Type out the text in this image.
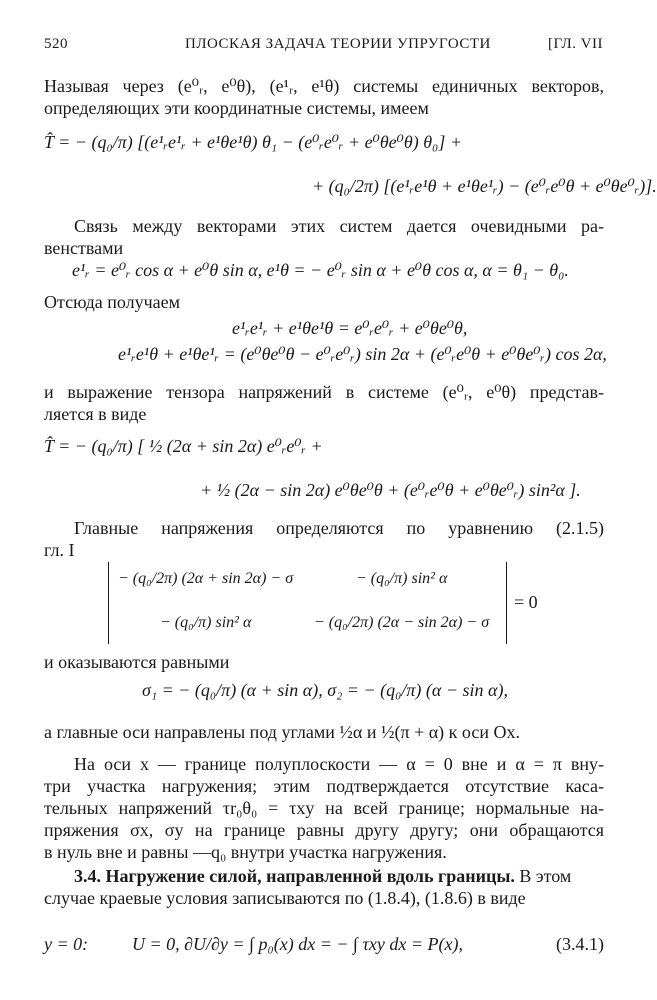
520	ПЛОСКАЯ ЗАДАЧА ТЕОРИИ УПРУГОСТИ	[ГЛ. VII
Называя через (e⁰ᵣ, e⁰θ), (e¹ᵣ, e¹θ) системы единичных векторов,
определяющих эти координатные системы, имеем
T̂ = − (q₀/π) [(e¹ᵣe¹ᵣ + e¹θe¹θ) θ₁ − (e⁰ᵣe⁰ᵣ + e⁰θe⁰θ) θ₀] +
+ (q₀/2π) [(e¹ᵣe¹θ + e¹θe¹ᵣ) − (e⁰ᵣe⁰θ + e⁰θe⁰ᵣ)].
Связь между векторами этих систем дается очевидными ра-
венствами
e¹ᵣ = e⁰ᵣ cos α + e⁰θ sin α, e¹θ = − e⁰ᵣ sin α + e⁰θ cos α, α = θ₁ − θ₀.
Отсюда получаем
e¹ᵣe¹ᵣ + e¹θe¹θ = e⁰ᵣe⁰ᵣ + e⁰θe⁰θ,
e¹ᵣe¹θ + e¹θe¹ᵣ = (e⁰θe⁰θ − e⁰ᵣe⁰ᵣ) sin 2α + (e⁰ᵣe⁰θ + e⁰θe⁰ᵣ) cos 2α,
и выражение тензора напряжений в системе (e⁰ᵣ, e⁰θ) представ-
ляется в виде
T̂ = − (q₀/π) [ ½ (2α + sin 2α) e⁰ᵣe⁰ᵣ +
+ ½ (2α − sin 2α) e⁰θe⁰θ + (e⁰ᵣe⁰θ + e⁰θe⁰ᵣ) sin²α ].
Главные напряжения определяются по уравнению (2.1.5)
гл. I
− (q₀/2π) (2α + sin 2α) − σ	− (q₀/π) sin² α
− (q₀/π) sin² α	− (q₀/2π) (2α − sin 2α) − σ
= 0
и оказываются равными
σ₁ = − (q₀/π) (α + sin α), σ₂ = − (q₀/π) (α − sin α),
а главные оси направлены под углами ½α и ½(π + α) к оси Ox.
На оси x — границе полуплоскости — α = 0 вне и α = π вну-
три участка нагружения; этим подтверждается отсутствие каса-
тельных напряжений τr₀θ₀ = τxy на всей границе; нормальные на-
пряжения σx, σy на границе равны другу другу; они обращаются
в нуль вне и равны —q₀ внутри участка нагружения.
3.4. Нагружение силой, направленной вдоль границы. В этом
случае краевые условия записываются по (1.8.4), (1.8.6) в виде
y = 0: U = 0, ∂U/∂y = ∫ p₀(x) dx = − ∫ τxy dx = P(x),	(3.4.1)
